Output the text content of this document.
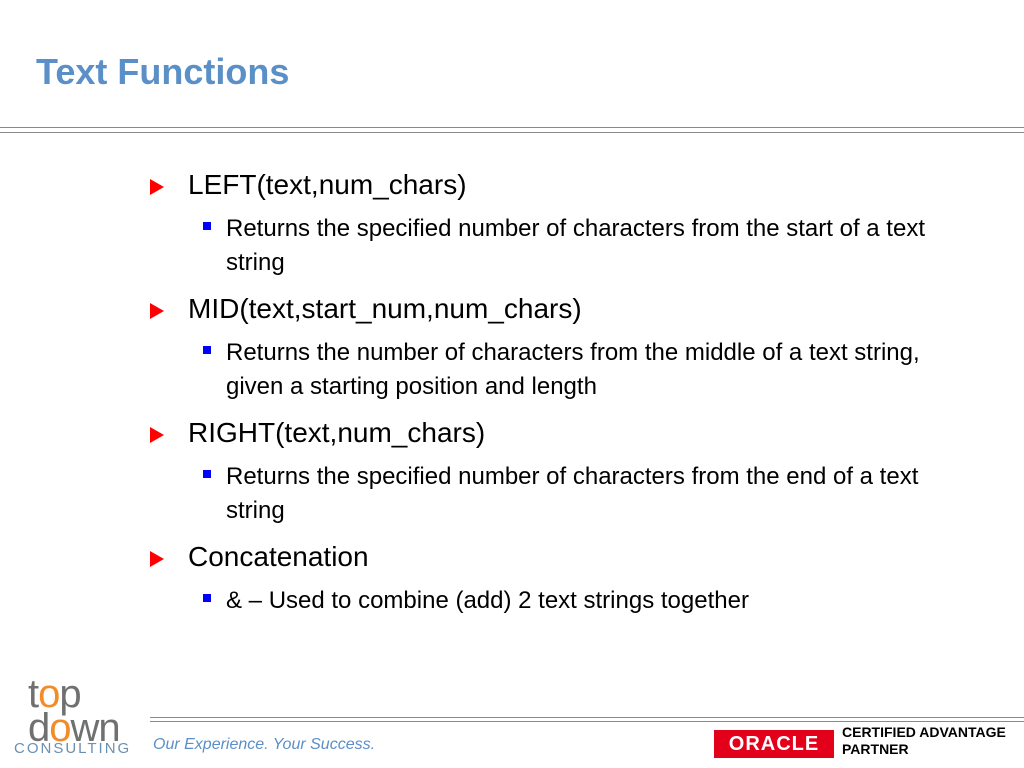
Text Functions
LEFT(text,num_chars)
Returns the specified number of characters from the start of a text string
MID(text,start_num,num_chars)
Returns the number of characters from the middle of a text string, given a starting position and length
RIGHT(text,num_chars)
Returns the specified number of characters from the end of a text string
Concatenation
& – Used to combine (add) 2 text strings together
top
down
CONSULTING Our Experience. Your Success.	ORACLE
CERTIFIED ADVANTAGE
PARTNER
